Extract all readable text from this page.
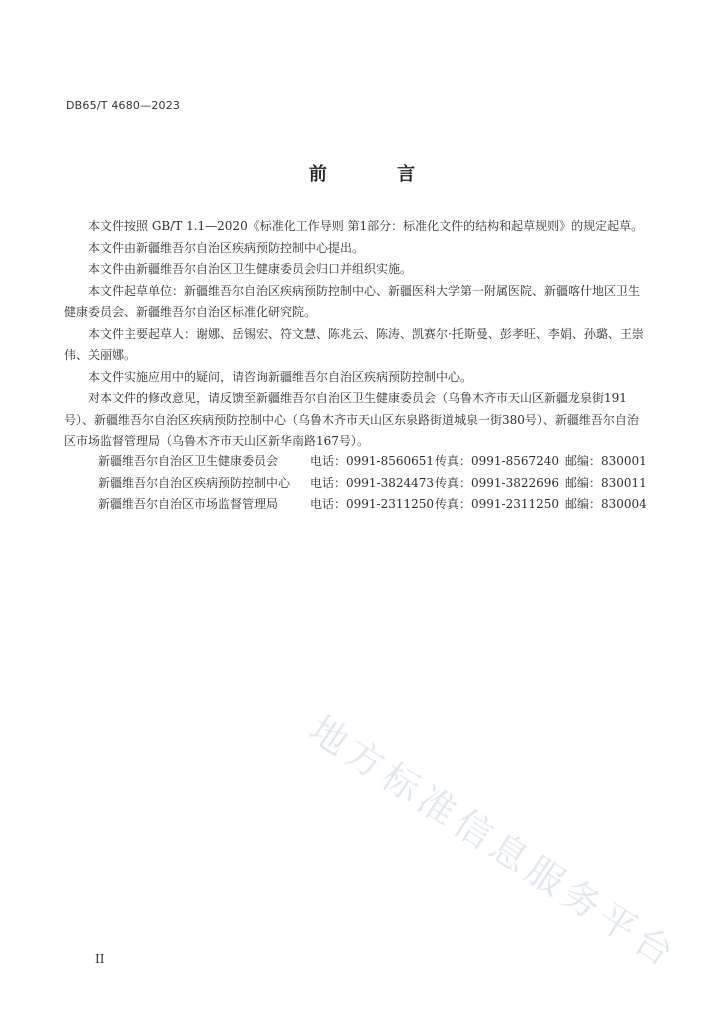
DB65/T 4680—2023
前 言

本文件按照 GB/T 1.1—2020《标准化工作导则 第1部分：标准化文件的结构和起草规则》的规定起草。

本文件由新疆维吾尔自治区疾病预防控制中心提出。

本文件由新疆维吾尔自治区卫生健康委员会归口并组织实施。

本文件起草单位：新疆维吾尔自治区疾病预防控制中心、新疆医科大学第一附属医院、新疆喀什地区卫生健康委员会、新疆维吾尔自治区标准化研究院。

本文件主要起草人：谢娜、岳锡宏、符文慧、陈兆云、陈涛、凯赛尔·托斯曼、彭孝旺、李娟、孙璐、王崇伟、关丽娜。

本文件实施应用中的疑问，请咨询新疆维吾尔自治区疾病预防控制中心。

对本文件的修改意见，请反馈至新疆维吾尔自治区卫生健康委员会（乌鲁木齐市天山区新疆龙泉街191号）、新疆维吾尔自治区疾病预防控制中心（乌鲁木齐市天山区东泉路街道城泉一街380号）、新疆维吾尔自治区市场监督管理局（乌鲁木齐市天山区新华南路167号）。

新疆维吾尔自治区卫生健康委员会	电话：0991-8560651 传真：0991-8567240 邮编：830001
新疆维吾尔自治区疾病预防控制中心	电话：0991-3824473 传真：0991-3822696 邮编：830011
新疆维吾尔自治区市场监督管理局	电话：0991-2311250 传真：0991-2311250 邮编：830004
地方标准信息服务平台
II
